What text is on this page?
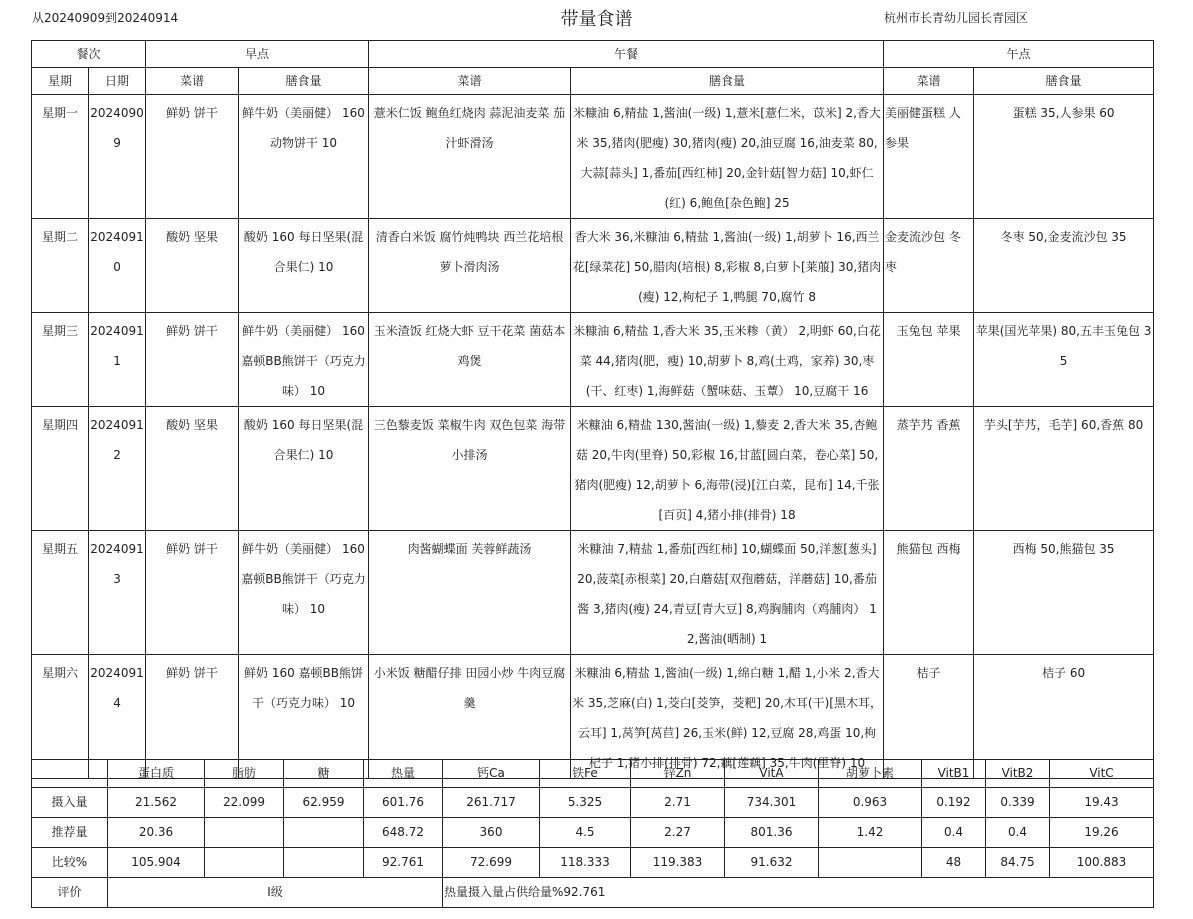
从20240909到20240914	带量食谱	杭州市长青幼儿园长青园区
餐次		早点		午餐		午点	
星期	日期	菜谱	膳食量	菜谱	膳食量	菜谱	膳食量
星期一	20240909	鲜奶 饼干	鲜牛奶（美丽健） 160 动物饼干 10	薏米仁饭 鲍鱼红烧肉 蒜泥油麦菜 茄汁虾滑汤	米糠油 6,精盐 1,酱油(一级) 1,薏米[薏仁米，苡米] 2,香大米 35,猪肉(肥瘦) 30,猪肉(瘦) 20,油豆腐 16,油麦菜 80,大蒜[蒜头] 1,番茄[西红柿] 20,金针菇[智力菇] 10,虾仁(红) 6,鲍鱼[杂色鲍] 25	美丽健蛋糕 人参果	蛋糕 35,人参果 60
星期二	20240910	酸奶 坚果	酸奶 160 每日坚果(混合果仁) 10	清香白米饭 腐竹炖鸭块 西兰花培根 萝卜滑肉汤	香大米 36,米糠油 6,精盐 1,酱油(一级) 1,胡萝卜 16,西兰花[绿菜花] 50,腊肉(培根) 8,彩椒 8,白萝卜[莱菔] 30,猪肉(瘦) 12,枸杞子 1,鸭腿 70,腐竹 8	金麦流沙包 冬枣	冬枣 50,金麦流沙包 35
星期三	20240911	鲜奶 饼干	鲜牛奶（美丽健） 160 嘉顿BB熊饼干（巧克力味） 10	玉米渣饭 红烧大虾 豆干花菜 菌菇本鸡煲	米糠油 6,精盐 1,香大米 35,玉米糁（黄） 2,明虾 60,白花菜 44,猪肉(肥，瘦) 10,胡萝卜 8,鸡(土鸡，家养) 30,枣(干、红枣) 1,海鲜菇（蟹味菇、玉蕈） 10,豆腐干 16	玉兔包 苹果	苹果(国光苹果) 80,五丰玉兔包 35
星期四	20240912	酸奶 坚果	酸奶 160 每日坚果(混合果仁) 10	三色藜麦饭 菜椒牛肉 双色包菜 海带小排汤	米糠油 6,精盐 130,酱油(一级) 1,藜麦 2,香大米 35,杏鲍菇 20,牛肉(里脊) 50,彩椒 16,甘蓝[圆白菜，卷心菜] 50,猪肉(肥瘦) 12,胡萝卜 6,海带(浸)[江白菜，昆布] 14,千张[百页] 4,猪小排(排骨) 18	蒸芋艿 香蕉	芋头[芋艿，毛芋] 60,香蕉 80
星期五	20240913	鲜奶 饼干	鲜牛奶（美丽健） 160 嘉顿BB熊饼干（巧克力味） 10	肉酱蝴蝶面 芙蓉鲜蔬汤	米糠油 7,精盐 1,番茄[西红柿] 10,蝴蝶面 50,洋葱[葱头] 20,菠菜[赤根菜] 20,白蘑菇[双孢蘑菇，洋蘑菇] 10,番茄酱 3,猪肉(瘦) 24,青豆[青大豆] 8,鸡胸脯肉（鸡脯肉） 12,酱油(晒制) 1	熊猫包 西梅	西梅 50,熊猫包 35
星期六	20240914	鲜奶 饼干	鲜奶 160 嘉顿BB熊饼干（巧克力味） 10	小米饭 糖醋仔排 田园小炒 牛肉豆腐羹	米糠油 6,精盐 1,酱油(一级) 1,绵白糖 1,醋 1,小米 2,香大米 35,芝麻(白) 1,茭白[茭笋，茭粑] 20,木耳(干)[黑木耳，云耳] 1,莴笋[莴苣] 26,玉米(鲜) 12,豆腐 28,鸡蛋 10,枸杞子 1,猪小排(排骨) 72,藕[莲藕] 35,牛肉(里脊) 10	桔子	桔子 60
	蛋白质	脂肪	糖	热量	钙Ca	铁Fe	锌Zn	VitA	胡萝卜素	VitB1	VitB2	VitC
摄入量	21.562	22.099	62.959	601.76	261.717	5.325	2.71	734.301	0.963	0.192	0.339	19.43
推荐量	20.36			648.72	360	4.5	2.27	801.36	1.42	0.4	0.4	19.26
比较%	105.904			92.761	72.699	118.333	119.383	91.632		48	84.75	100.883
评价	I级				热量摄入量占供给量%92.761							
